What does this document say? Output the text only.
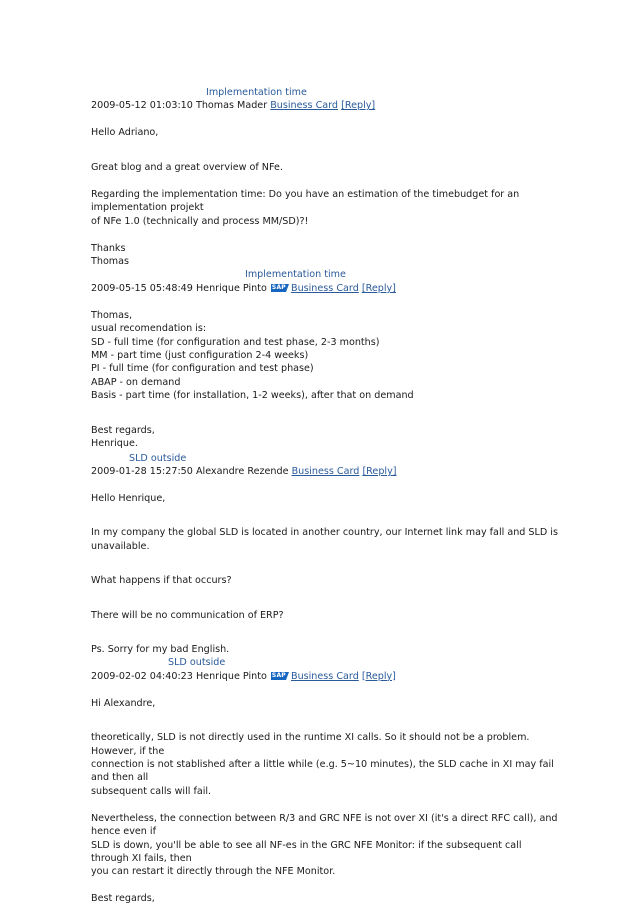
Implementation time
2009-05-12 01:03:10 Thomas Mader Business Card [Reply]

Hello Adriano,

Great blog and a great overview of NFe.

Regarding the implementation time: Do you have an estimation of the timebudget for an implementation projekt
of NFe 1.0 (technically and process MM/SD)?!

Thanks
Thomas

Implementation time
2009-05-15 05:48:49 Henrique Pinto SAP Business Card [Reply]

Thomas,
usual recomendation is:
SD - full time (for configuration and test phase, 2-3 months)
MM - part time (just configuration 2-4 weeks)
PI - full time (for configuration and test phase)
ABAP - on demand
Basis - part time (for installation, 1-2 weeks), after that on demand

Best regards,
Henrique.

SLD outside
2009-01-28 15:27:50 Alexandre Rezende Business Card [Reply]

Hello Henrique,

In my company the global SLD is located in another country, our Internet link may fall and SLD is unavailable.

What happens if that occurs?

There will be no communication of ERP?

Ps. Sorry for my bad English.

SLD outside
2009-02-02 04:40:23 Henrique Pinto SAP Business Card [Reply]

Hi Alexandre,

theoretically, SLD is not directly used in the runtime XI calls. So it should not be a problem. However, if the
connection is not stablished after a little while (e.g. 5~10 minutes), the SLD cache in XI may fail and then all
subsequent calls will fail.

Nevertheless, the connection between R/3 and GRC NFE is not over XI (it's a direct RFC call), and hence even if
SLD is down, you'll be able to see all NF-es in the GRC NFE Monitor: if the subsequent call through XI fails, then
you can restart it directly through the NFE Monitor.

Best regards,
